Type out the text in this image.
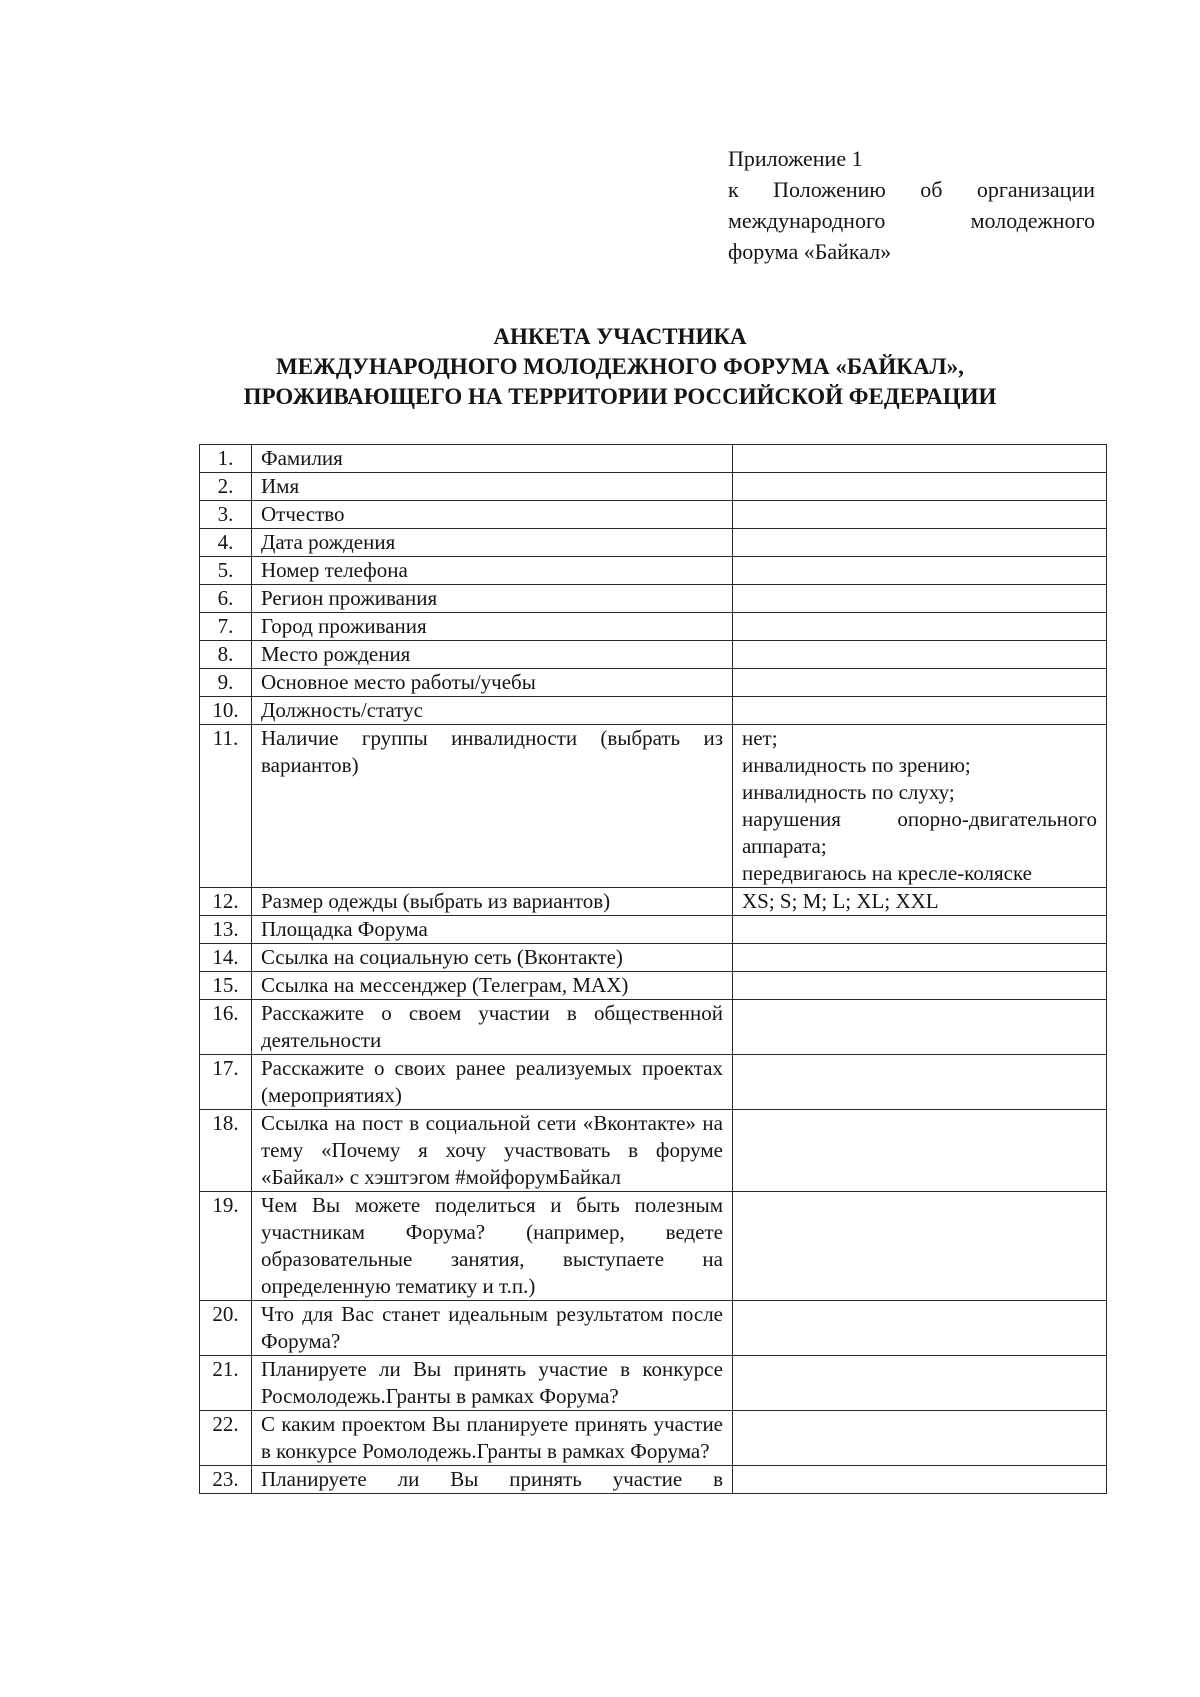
Приложение 1
к Положению об организации
международного молодежного
форума «Байкал»
АНКЕТА УЧАСТНИКА
МЕЖДУНАРОДНОГО МОЛОДЕЖНОГО ФОРУМА «БАЙКАЛ»,
ПРОЖИВАЮЩЕГО НА ТЕРРИТОРИИ РОССИЙСКОЙ ФЕДЕРАЦИИ
1.	Фамилия	
2.	Имя	
3.	Отчество	
4.	Дата рождения	
5.	Номер телефона	
6.	Регион проживания	
7.	Город проживания	
8.	Место рождения	
9.	Основное место работы/учебы	
10.	Должность/статус	
11.	Наличие группы инвалидности (выбрать из вариантов)	нет;
инвалидность по зрению;
инвалидность по слуху;
нарушения опорно-двигательного аппарата;
передвигаюсь на кресле-коляске

12.	Размер одежды (выбрать из вариантов)	XS; S; M; L; XL; XXL
13.	Площадка Форума	
14.	Ссылка на социальную сеть (Вконтакте)	
15.	Ссылка на мессенджер (Телеграм, MAX)	
16.	Расскажите о своем участии в общественной деятельности	
17.	Расскажите о своих ранее реализуемых проектах (мероприятиях)	
18.	Ссылка на пост в социальной сети «Вконтакте» на тему «Почему я хочу участвовать в форуме «Байкал» с хэштэгом #мойфорумБайкал	
19.	Чем Вы можете поделиться и быть полезным участникам Форума? (например, ведете образовательные занятия, выступаете на определенную тематику и т.п.)	
20.	Что для Вас станет идеальным результатом после Форума?	
21.	Планируете ли Вы принять участие в конкурсе Росмолодежь.Гранты в рамках Форума?	
22.	С каким проектом Вы планируете принять участие в конкурсе Ромолодежь.Гранты в рамках Форума?	
23.	Планируете ли Вы принять участие в	
